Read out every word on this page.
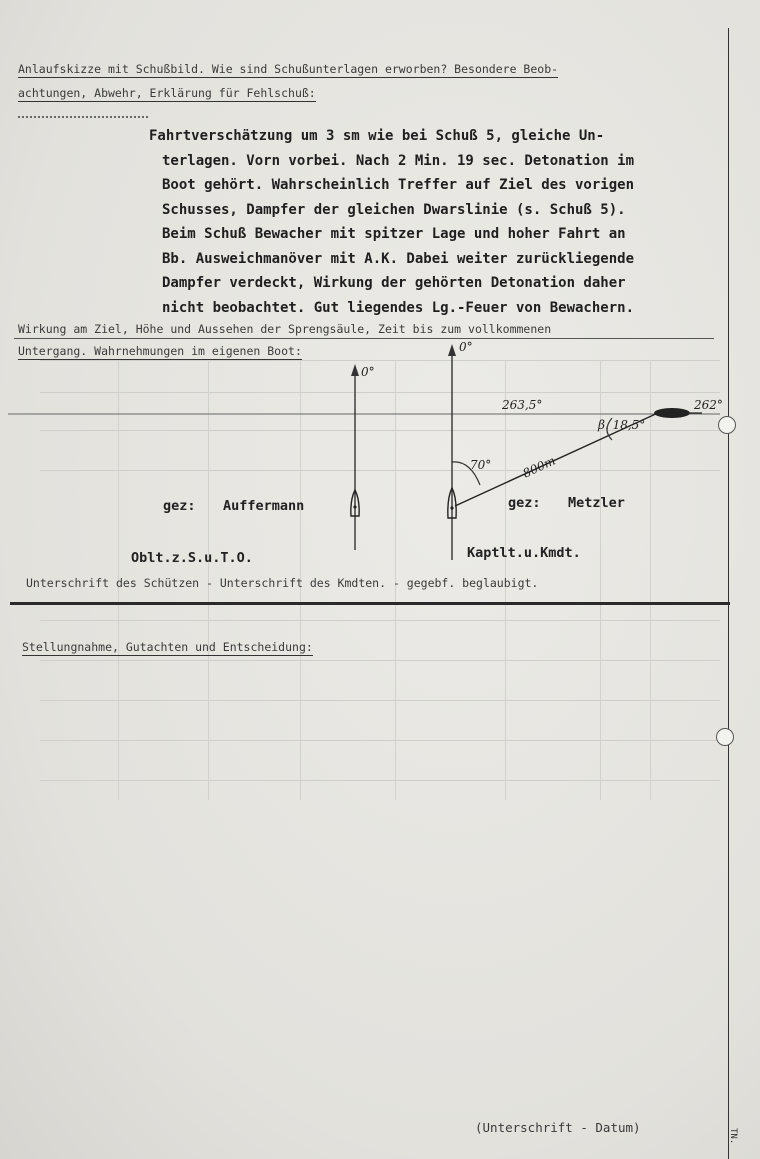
Anlaufskizze mit Schußbild. Wie sind Schußunterlagen erworben? Besondere Beob-
achtungen, Abwehr, Erklärung für Fehlschuß:
Fahrtverschätzung um 3 sm wie bei Schuß 5, gleiche Un-
terlagen. Vorn vorbei. Nach 2 Min. 19 sec. Detonation im
Boot gehört. Wahrscheinlich Treffer auf Ziel des vorigen
Schusses, Dampfer der gleichen Dwarslinie (s. Schuß 5).
Beim Schuß Bewacher mit spitzer Lage und hoher Fahrt an
Bb. Ausweichmanöver mit A.K. Dabei weiter zurückliegende
Dampfer verdeckt, Wirkung der gehörten Detonation daher
nicht beobachtet. Gut liegendes Lg.-Feuer von Bewachern.
Wirkung am Ziel, Höhe und Aussehen der Sprengsäule, Zeit bis zum vollkommenen
Untergang. Wahrnehmungen im eigenen Boot:
0°
0°
263,5°	262°
β. 18,5°
70° 800m
gez: Auffermann
Oblt.z.S.u.T.O.
gez: Metzler
Kaptlt.u.Kmdt.
Unterschrift des Schützen - Unterschrift des Kmdten. - gegebf. beglaubigt.
Stellungnahme, Gutachten und Entscheidung:
(Unterschrift - Datum)
TN.
